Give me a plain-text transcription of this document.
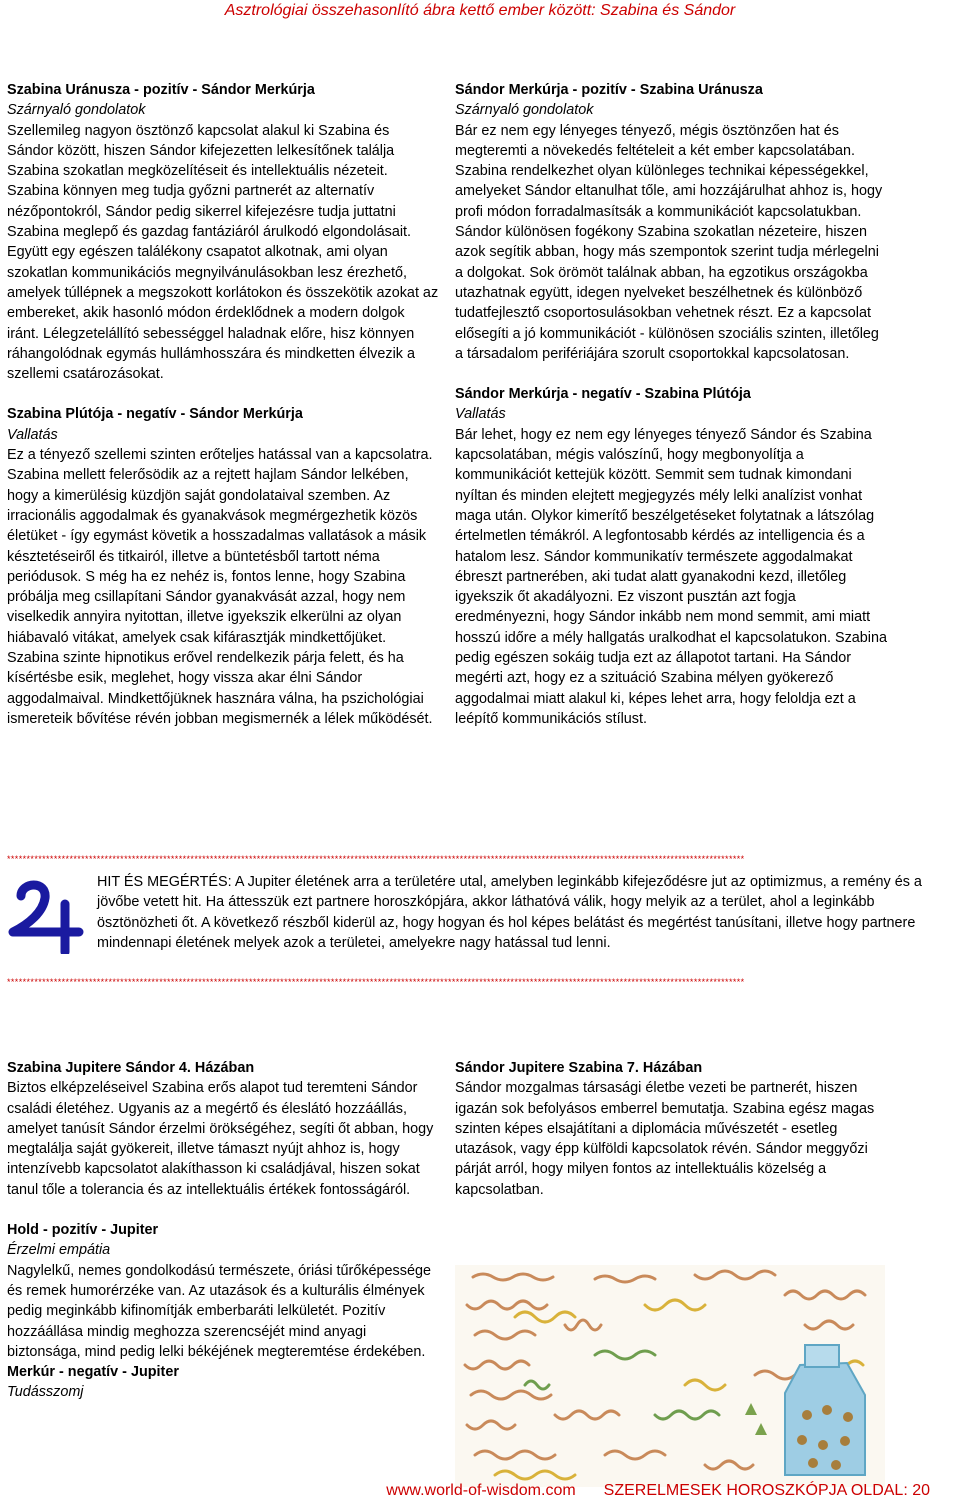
Asztrológiai összehasonlító ábra kettő ember között: Szabina és Sándor

Szabina Uránusza - pozitív - Sándor Merkúrja

Szárnyaló gondolatok

Szellemileg nagyon ösztönző kapcsolat alakul ki Szabina és Sándor között, hiszen Sándor kifejezetten lelkesítőnek találja Szabina szokatlan megközelítéseit és intellektuális nézeteit. Szabina könnyen meg tudja győzni partnerét az alternatív nézőpontokról, Sándor pedig sikerrel kifejezésre tudja juttatni Szabina meglepő és gazdag fantáziáról árulkodó elgondolásait. Együtt egy egészen találékony csapatot alkotnak, ami olyan szokatlan kommunikációs megnyilvánulásokban lesz érezhető, amelyek túllépnek a megszokott korlátokon és összekötik azokat az embereket, akik hasonló módon érdeklődnek a modern dolgok iránt. Lélegzetelállító sebességgel haladnak előre, hisz könnyen ráhangolódnak egymás hullámhosszára és mindketten élvezik a szellemi csatározásokat.

Szabina Plútója - negatív - Sándor Merkúrja

Vallatás

Ez a tényező szellemi szinten erőteljes hatással van a kapcsolatra. Szabina mellett felerősödik az a rejtett hajlam Sándor lelkében, hogy a kimerülésig küzdjön saját gondolataival szemben. Az irracionális aggodalmak és gyanakvások megmérgezhetik közös életüket - így egymást követik a hosszadalmas vallatások a másik késztetéseiről és titkairól, illetve a büntetésből tartott néma periódusok. S még ha ez nehéz is, fontos lenne, hogy Szabina próbálja meg csillapítani Sándor gyanakvását azzal, hogy nem viselkedik annyira nyitottan, illetve igyekszik elkerülni az olyan hiábavaló vitákat, amelyek csak kifárasztják mindkettőjüket. Szabina szinte hipnotikus erővel rendelkezik párja felett, és ha kísértésbe esik, meglehet, hogy visszа akar élni Sándor aggodalmaival. Mindkettőjüknek hasznára válna, ha pszichológiai ismereteik bővítése révén jobban megismernék a lélek működését.

Sándor Merkúrja - pozitív - Szabina Uránusza

Szárnyaló gondolatok

Bár ez nem egy lényeges tényező, mégis ösztönzően hat és megteremti a növekedés feltételeit a két ember kapcsolatában. Szabina rendelkezhet olyan különleges technikai képességekkel, amelyeket Sándor eltanulhat tőle, ami hozzájárulhat ahhoz is, hogy profi módon forradalmasítsák a kommunikációt kapcsolatukban. Sándor különösen fogékony Szabina szokatlan nézeteire, hiszen azok segítik abban, hogy más szempontok szerint tudja mérlegelni a dolgokat. Sok örömöt találnak abban, ha egzotikus országokba utazhatnak együtt, idegen nyelveket beszélhetnek és különböző tudatfejlesztő csoportosulásokban vehetnek részt. Ez a kapcsolat elősegíti a jó kommunikációt - különösen szociális szinten, illetőleg a társadalom perifériájára szorult csoportokkal kapcsolatosan.

Sándor Merkúrja - negatív - Szabina Plútója

Vallatás

Bár lehet, hogy ez nem egy lényeges tényező Sándor és Szabina kapcsolatában, mégis valószínű, hogy megbonyolítja a kommunikációt kettejük között. Semmit sem tudnak kimondani nyíltan és minden elejtett megjegyzés mély lelki analízist vonhat maga után. Olykor kimerítő beszélgetéseket folytatnak a látszólag értelmetlen témákról. A legfontosabb kérdés az intelligencia és a hatalom lesz. Sándor kommunikatív természete aggodalmakat ébreszt partnerében, aki tudat alatt gyanakodni kezd, illetőleg igyekszik őt akadályozni. Ez viszont pusztán azt fogja eredményezni, hogy Sándor inkább nem mond semmit, ami miatt hosszú időre a mély hallgatás uralkodhat el kapcsolatukon. Szabina pedig egészen sokáig tudja ezt az állapotot tartani. Ha Sándor megérti azt, hogy ez a szituáció Szabina mélyen gyökerező aggodalmai miatt alakul ki, képes lehet arra, hogy feloldja ezt a leépítő kommunikációs stílust.

*********************************************************************************************************************************************************************************************

HIT ÉS MEGÉRTÉS: A Jupiter életének arra a területére utal, amelyben leginkább kifejeződésre jut az optimizmus, a remény és a jövőbe vetett hit. Ha áttesszük ezt partnere horoszkópjára, akkor láthatóvá válik, hogy melyik az a terület, ahol a leginkább ösztönözheti őt. A következő részből kiderül az, hogy hogyan és hol képes belátást és megértést tanúsítani, illetve hogy partnere mindennapi életének melyek azok a területei, amelyekre nagy hatással tud lenni.

*********************************************************************************************************************************************************************************************

Szabina Jupitere Sándor 4. Házában

Biztos elképzeléseivel Szabina erős alapot tud teremteni Sándor családi életéhez. Ugyanis az a megértő és éleslátó hozzáállás, amelyet tanúsít Sándor érzelmi örökségéhez, segíti őt abban, hogy megtalálja saját gyökereit, illetve támaszt nyújt ahhoz is, hogy intenzívebb kapcsolatot alakíthasson ki családjával, hiszen sokat tanul tőle a tolerancia és az intellektuális értékek fontosságáról.

Hold - pozitív - Jupiter

Érzelmi empátia

Nagylelkű, nemes gondolkodású természete, óriási tűrőképessége és remek humorérzéke van. Az utazások és a kulturális élmények pedig meginkább kifinomítják emberbaráti lelkületét. Pozitív hozzáállása mindig meghozza szerencséjét mind anyagi biztonsága, mind pedig lelki békéjének megteremtése érdekében.

Merkúr - negatív - Jupiter

Tudásszomj

Sándor Jupitere Szabina 7. Házában

Sándor mozgalmas társasági életbe vezeti be partnerét, hiszen igazán sok befolyásos emberrel bemutatja. Szabina egész magas szinten képes elsajátítani a diplomácia művészetét - esetleg utazások, vagy épp külföldi kapcsolatok révén. Sándor meggyőzi párját arról, hogy milyen fontos az intellektuális közelség a kapcsolatban.

www.world-of-wisdom.com SZERELMESEK HOROSZKÓPJA OLDAL: 20
